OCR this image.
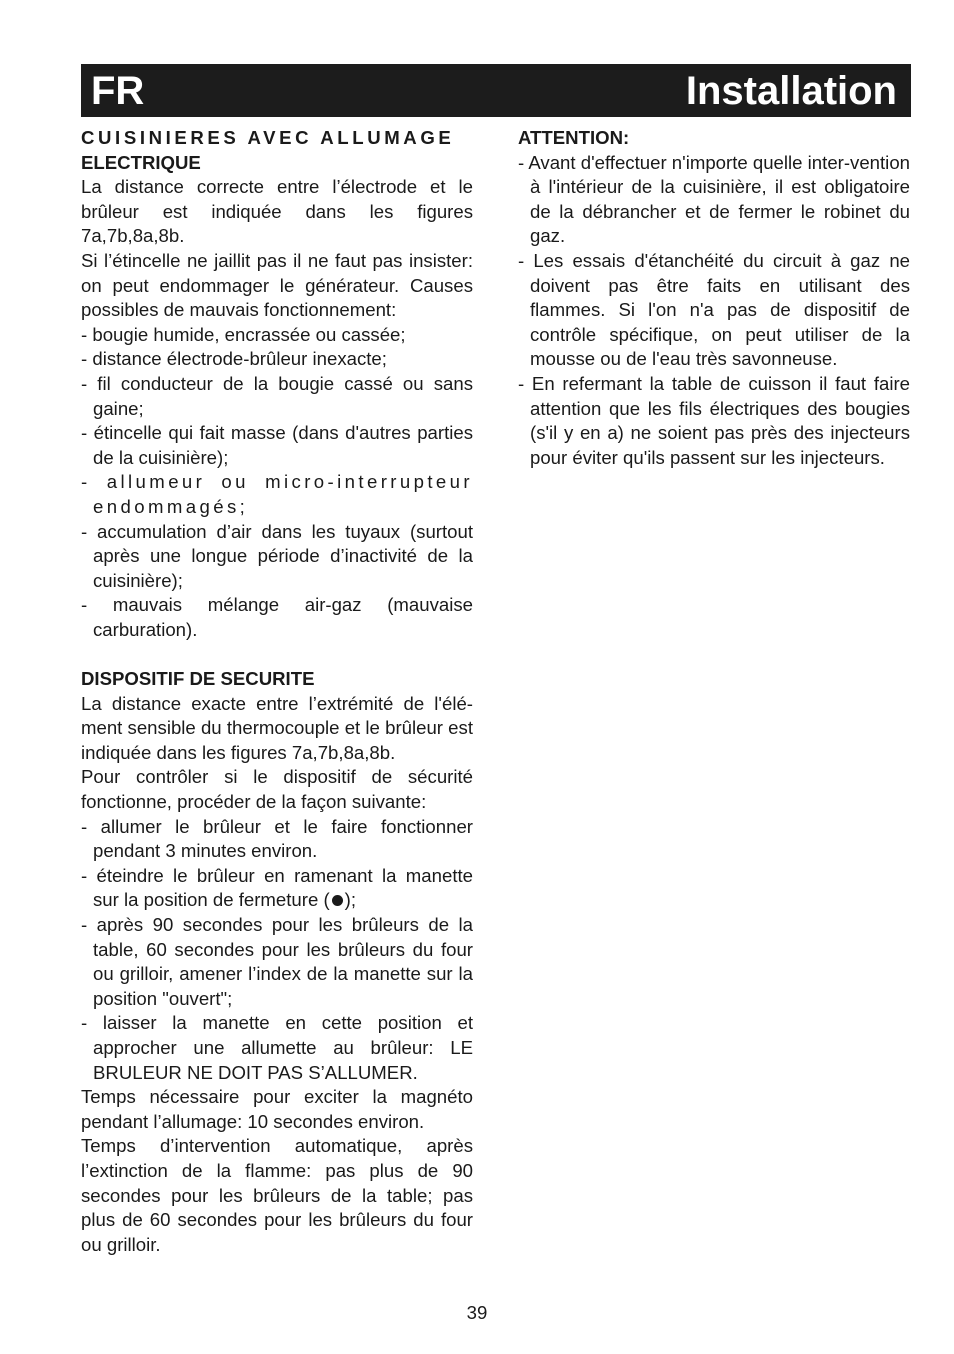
FR	Installation

CUISINIERES AVEC ALLUMAGE

ELECTRIQUE

La distance correcte entre l’électrode et le brûleur est indiquée dans les figures 7a,7b,8a,8b.

Si l’étincelle ne jaillit pas il ne faut pas insister: on peut endommager le générateur. Causes possibles de mauvais fonctionnement:

- bougie humide, encrassée ou cassée;

- distance électrode-brûleur inexacte;

- fil conducteur de la bougie cassé ou sans gaine;

- étincelle qui fait masse (dans d'autres parties de la cuisinière);

- allumeur ou micro-interrupteur endommagés;

- accumulation d’air dans les tuyaux (surtout après une longue période d’inactivité de la cuisinière);

- mauvais mélange air-gaz (mauvaise carburation).

DISPOSITIF DE SECURITE

La distance exacte entre l’extrémité de l'élé-ment sensible du thermocouple et le brûleur est indiquée dans les figures 7a,7b,8a,8b.

Pour contrôler si le dispositif de sécurité fonctionne, procéder de la façon suivante:

- allumer le brûleur et le faire fonctionner pendant 3 minutes environ.

- éteindre le brûleur en ramenant la manette sur la position de fermeture ( );

- après 90 secondes pour les brûleurs de la table, 60 secondes pour les brûleurs du four ou grilloir, amener l’index de la manette sur la position "ouvert";

- laisser la manette en cette position et approcher une allumette au brûleur: LE BRULEUR NE DOIT PAS S’ALLUMER.

Temps nécessaire pour exciter la magnéto pendant l’allumage: 10 secondes environ.

Temps d’intervention automatique, après l’extinction de la flamme: pas plus de 90 secondes pour les brûleurs de la table; pas plus de 60 secondes pour les brûleurs du four ou grilloir.

ATTENTION:

- Avant d'effectuer n'importe quelle inter-vention à l'intérieur de la cuisinière, il est obligatoire de la débrancher et de fermer le robinet du gaz.

- Les essais d'étanchéité du circuit à gaz ne doivent pas être faits en utilisant des flammes. Si l'on n'a pas de dispositif de contrôle spécifique, on peut utiliser de la mousse ou de l'eau très savonneuse.

- En refermant la table de cuisson il faut faire attention que les fils électriques des bougies (s'il y en a) ne soient pas près des injecteurs pour éviter qu'ils passent sur les injecteurs.

39
